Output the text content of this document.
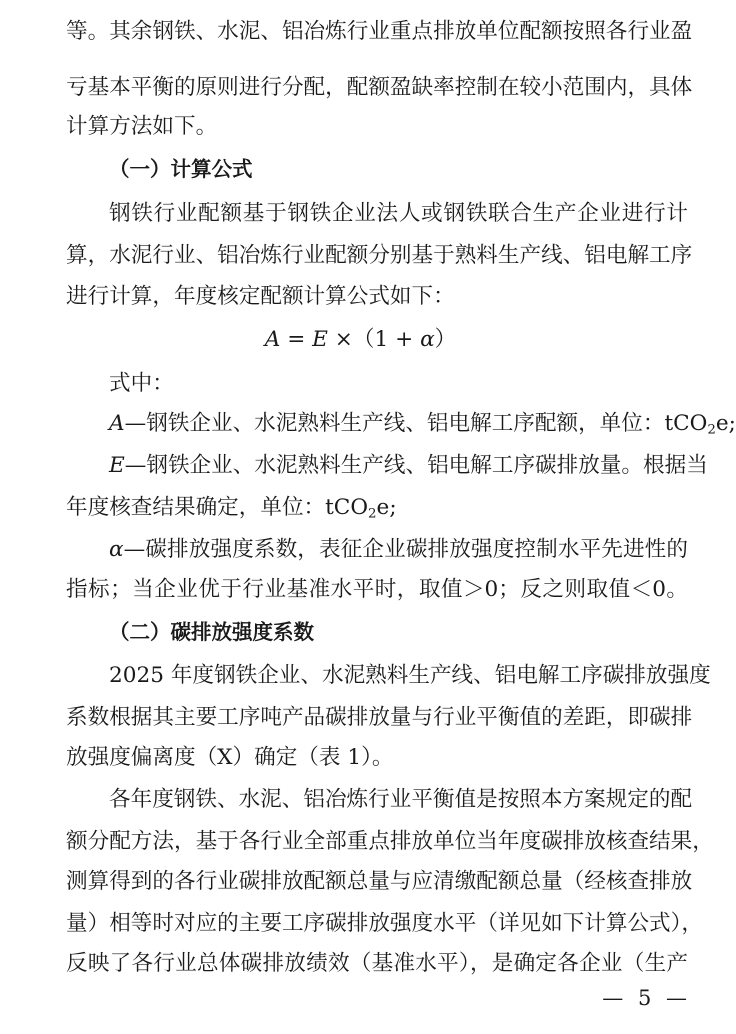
等。其余钢铁、水泥、铝冶炼行业重点排放单位配额按照各行业盈

亏基本平衡的原则进行分配，配额盈缺率控制在较小范围内，具体

计算方法如下。

（一）计算公式

钢铁行业配额基于钢铁企业法人或钢铁联合生产企业进行计

算，水泥行业、铝冶炼行业配额分别基于熟料生产线、铝电解工序

进行计算，年度核定配额计算公式如下：

A = E ×（1 + α）

式中：

A—钢铁企业、水泥熟料生产线、铝电解工序配额，单位：tCO$_2$e;

E—钢铁企业、水泥熟料生产线、铝电解工序碳排放量。根据当

年度核查结果确定，单位：tCO$_2$e;

α—碳排放强度系数，表征企业碳排放强度控制水平先进性的

指标；当企业优于行业基准水平时，取值＞0；反之则取值＜0。

（二）碳排放强度系数

2025 年度钢铁企业、水泥熟料生产线、铝电解工序碳排放强度

系数根据其主要工序吨产品碳排放量与行业平衡值的差距，即碳排

放强度偏离度（X）确定（表 1）。

各年度钢铁、水泥、铝冶炼行业平衡值是按照本方案规定的配

额分配方法，基于各行业全部重点排放单位当年度碳排放核查结果，

测算得到的各行业碳排放配额总量与应清缴配额总量（经核查排放

量）相等时对应的主要工序碳排放强度水平（详见如下计算公式），

反映了各行业总体碳排放绩效（基准水平），是确定各企业（生产

— 5 —
